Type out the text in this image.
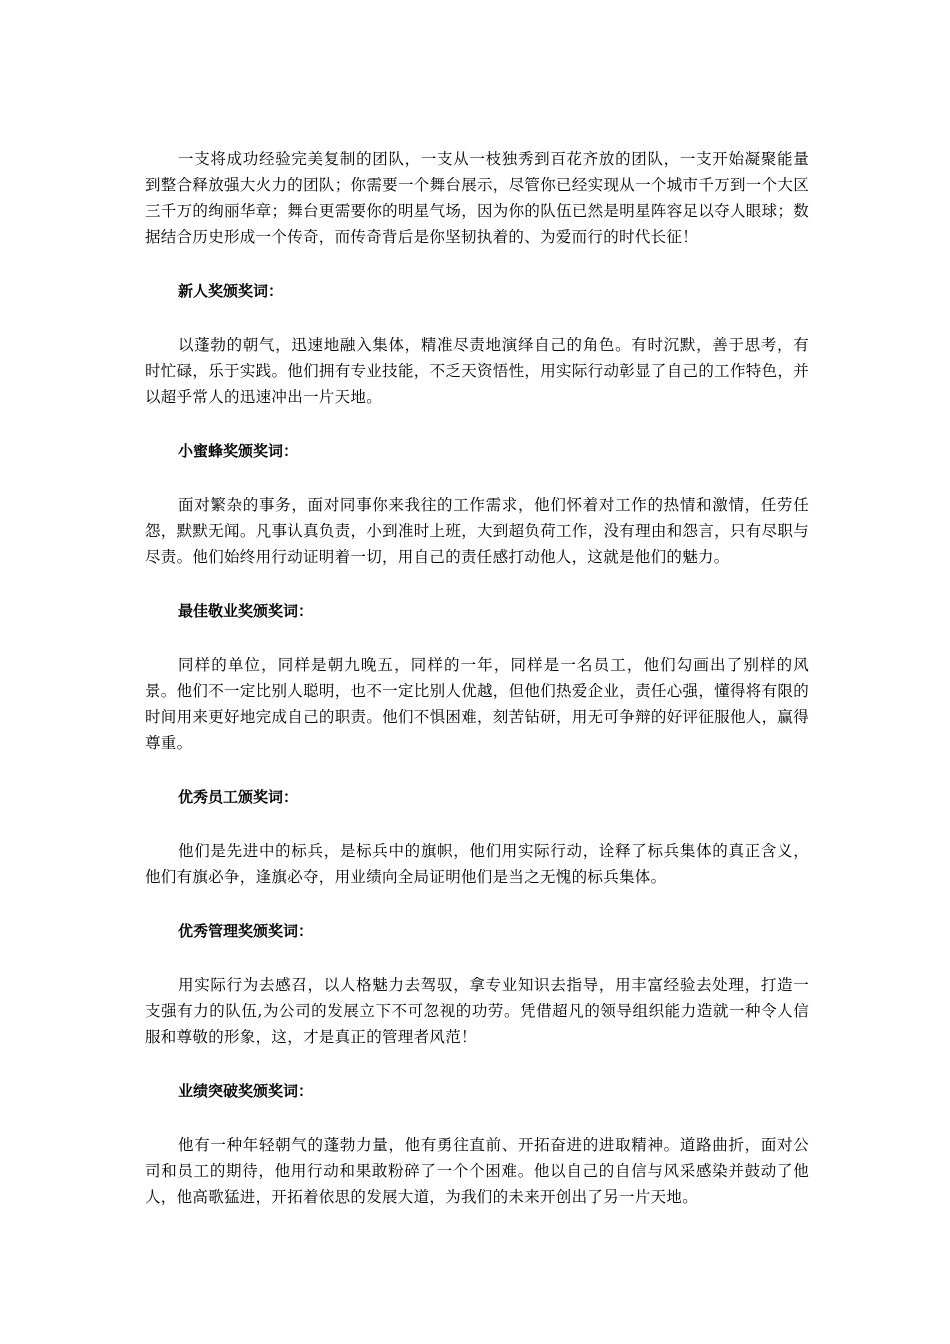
一支将成功经验完美复制的团队，一支从一枝独秀到百花齐放的团队，一支开始凝聚能量到整合释放强大火力的团队；你需要一个舞台展示，尽管你已经实现从一个城市千万到一个大区三千万的绚丽华章；舞台更需要你的明星气场，因为你的队伍已然是明星阵容足以夺人眼球；数据结合历史形成一个传奇，而传奇背后是你坚韧执着的、为爱而行的时代长征！

新人奖颁奖词：

以蓬勃的朝气，迅速地融入集体，精准尽责地演绎自己的角色。有时沉默，善于思考，有时忙碌，乐于实践。他们拥有专业技能，不乏天资悟性，用实际行动彰显了自己的工作特色，并以超乎常人的迅速冲出一片天地。

小蜜蜂奖颁奖词：

面对繁杂的事务，面对同事你来我往的工作需求，他们怀着对工作的热情和激情，任劳任怨，默默无闻。凡事认真负责，小到准时上班，大到超负荷工作，没有理由和怨言，只有尽职与尽责。他们始终用行动证明着一切，用自己的责任感打动他人，这就是他们的魅力。

最佳敬业奖颁奖词：

同样的单位，同样是朝九晚五，同样的一年，同样是一名员工，他们勾画出了别样的风景。他们不一定比别人聪明，也不一定比别人优越，但他们热爱企业，责任心强，懂得将有限的时间用来更好地完成自己的职责。他们不惧困难，刻苦钻研，用无可争辩的好评征服他人，赢得尊重。

优秀员工颁奖词：

他们是先进中的标兵，是标兵中的旗帜，他们用实际行动，诠释了标兵集体的真正含义，他们有旗必争，逢旗必夺，用业绩向全局证明他们是当之无愧的标兵集体。

优秀管理奖颁奖词：

用实际行为去感召，以人格魅力去驾驭，拿专业知识去指导，用丰富经验去处理，打造一支强有力的队伍,为公司的发展立下不可忽视的功劳。凭借超凡的领导组织能力造就一种令人信服和尊敬的形象，这，才是真正的管理者风范！

业绩突破奖颁奖词：

他有一种年轻朝气的蓬勃力量，他有勇往直前、开拓奋进的进取精神。道路曲折，面对公司和员工的期待，他用行动和果敢粉碎了一个个困难。他以自己的自信与风采感染并鼓动了他人，他高歌猛进，开拓着依思的发展大道，为我们的未来开创出了另一片天地。
